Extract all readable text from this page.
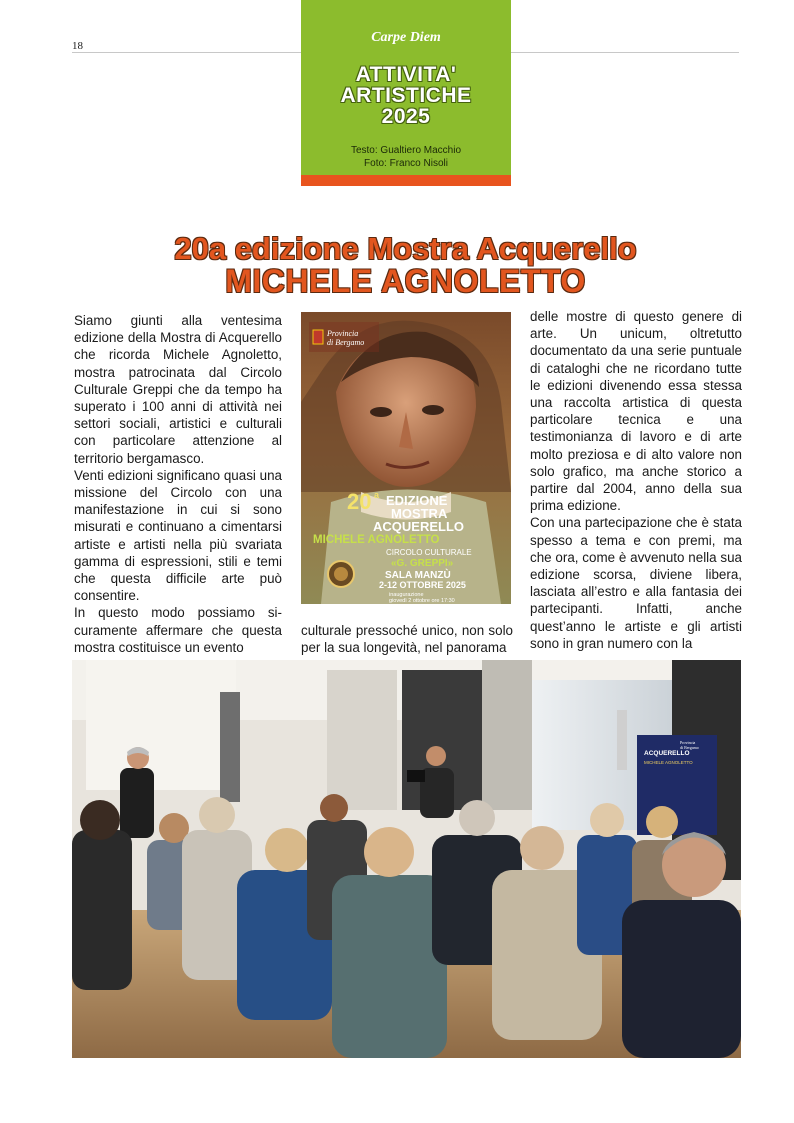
18
Carpe Diem
ATTIVITA'
ARTISTICHE
2025
Testo: Gualtiero Macchio
Foto: Franco Nisoli
20a edizione Mostra Acquerello
MICHELE AGNOLETTO

Siamo giunti alla ventesima edizione della Mostra di Acquerello che ricorda Michele Agnoletto, mostra patrocinata dal Circolo Culturale Greppi che da tempo ha superato i 100 anni di attività nei settori sociali, artistici e culturali con particolare attenzione al territorio bergamasco.

Venti edizioni significano quasi una missione del Circolo con una manifestazione in cui si sono misurati e continuano a cimentarsi artiste e artisti nella più svariata gamma di espressioni, stili e temi che questa difficile arte può consentire.

In questo modo possiamo si-curamente affermare che questa mostra costituisce un evento

Provincia
di Bergamo
20 a EDIZIONE
MOSTRA
ACQUERELLO
MICHELE AGNOLETTO
CIRCOLO CULTURALE
«G. GREPPI»
SALA MANZÙ
2-12 OTTOBRE 2025
inaugurazione
giovedì 2 ottobre ore 17:30

culturale pressoché unico, non solo per la sua longevità, nel panorama

delle mostre di questo genere di arte. Un unicum, oltretutto documentato da una serie puntuale di cataloghi che ne ricordano tutte le edizioni divenendo essa stessa una raccolta artistica di questa particolare tecnica e una testimonianza di lavoro e di arte molto preziosa e di alto valore non solo grafico, ma anche storico a partire dal 2004, anno della sua prima edizione.

Con una partecipazione che è stata spesso a tema e con premi, ma che ora, come è avvenuto nella sua edizione scorsa, diviene libera, lasciata all’estro e alla fantasia dei partecipanti. Infatti, anche quest’anno le artiste e gli artisti sono in gran numero con la

ACQUERELLO
MICHELE AGNOLETTO
Provincia
di Bergamo
